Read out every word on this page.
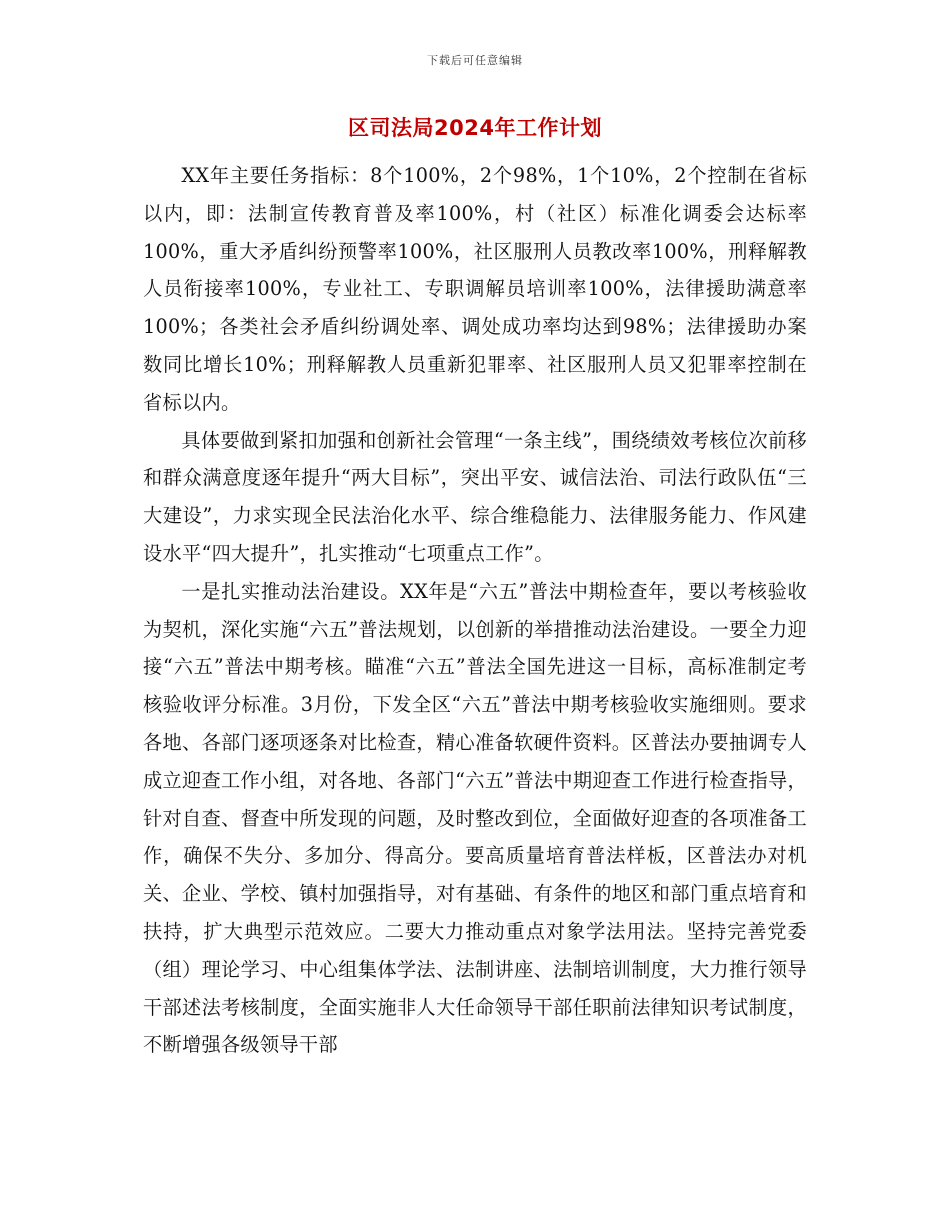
下载后可任意编辑
区司法局2024年工作计划

XX年主要任务指标：8个100%，2个98%，1个10%，2个控制在省标以内，即：法制宣传教育普及率100%，村（社区）标准化调委会达标率100%，重大矛盾纠纷预警率100%，社区服刑人员教改率100%，刑释解教人员衔接率100%，专业社工、专职调解员培训率100%，法律援助满意率100%；各类社会矛盾纠纷调处率、调处成功率均达到98%；法律援助办案数同比增长10%；刑释解教人员重新犯罪率、社区服刑人员又犯罪率控制在省标以内。

具体要做到紧扣加强和创新社会管理“一条主线”，围绕绩效考核位次前移和群众满意度逐年提升“两大目标”，突出平安、诚信法治、司法行政队伍“三大建设”，力求实现全民法治化水平、综合维稳能力、法律服务能力、作风建设水平“四大提升”，扎实推动“七项重点工作”。

一是扎实推动法治建设。XX年是“六五”普法中期检查年，要以考核验收为契机，深化实施“六五”普法规划，以创新的举措推动法治建设。一要全力迎接“六五”普法中期考核。瞄准“六五”普法全国先进这一目标，高标准制定考核验收评分标准。3月份，下发全区“六五”普法中期考核验收实施细则。要求各地、各部门逐项逐条对比检查，精心准备软硬件资料。区普法办要抽调专人成立迎查工作小组，对各地、各部门“六五”普法中期迎查工作进行检查指导，针对自查、督查中所发现的问题，及时整改到位，全面做好迎查的各项准备工作，确保不失分、多加分、得高分。要高质量培育普法样板，区普法办对机关、企业、学校、镇村加强指导，对有基础、有条件的地区和部门重点培育和扶持，扩大典型示范效应。二要大力推动重点对象学法用法。坚持完善党委（组）理论学习、中心组集体学法、法制讲座、法制培训制度，大力推行领导干部述法考核制度，全面实施非人大任命领导干部任职前法律知识考试制度，不断增强各级领导干部
